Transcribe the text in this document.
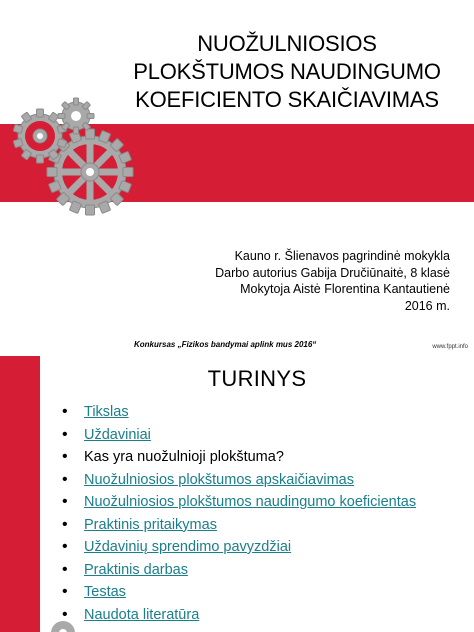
NUOŽULNIOSIOS
PLOKŠTUMOS NAUDINGUMO
KOEFICIENTO SKAIČIAVIMAS
Kauno r. Šlienavos pagrindinė mokykla
Darbo autorius Gabija Dručiūnaitė, 8 klasė
Mokytoja Aistė Florentina Kantautienė
2016 m.
Konkursas „Fizikos bandymai aplink mus 2016“	www.fppt.info
TURINYS
• Tikslas
• Uždaviniai
• Kas yra nuožulnioji plokštuma?
• Nuožulniosios plokštumos apskaičiavimas
• Nuožulniosios plokštumos naudingumo koeficientas
• Praktinis pritaikymas
• Uždavinių sprendimo pavyzdžiai
• Praktinis darbas
• Testas
• Naudota literatūra
